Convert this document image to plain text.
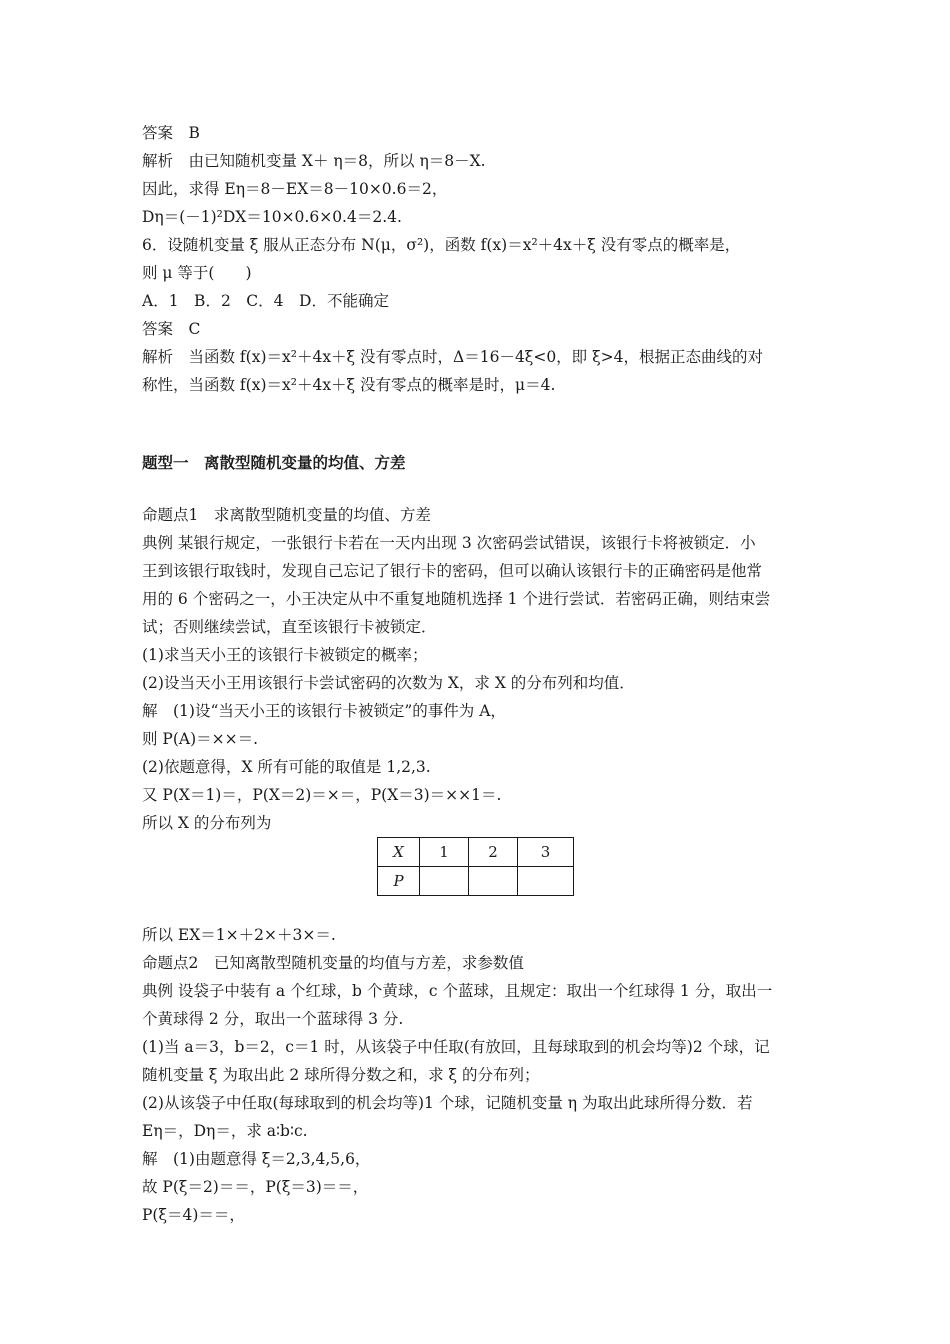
答案　B
解析　由已知随机变量 X＋ η＝8，所以 η＝8－X.
因此，求得 Eη＝8－EX＝8－10×0.6＝2，
Dη＝(－1)²DX＝10×0.6×0.4＝2.4.
6．设随机变量 ξ 服从正态分布 N(μ，σ²)，函数 f(x)＝x²＋4x＋ξ 没有零点的概率是，
则 μ 等于(　　)
A．1　B．2　C．4　D．不能确定
答案　C
解析　当函数 f(x)＝x²＋4x＋ξ 没有零点时，Δ＝16－4ξ<0，即 ξ>4，根据正态曲线的对
称性，当函数 f(x)＝x²＋4x＋ξ 没有零点的概率是时，μ＝4.
题型一　离散型随机变量的均值、方差
命题点1　求离散型随机变量的均值、方差
典例 某银行规定，一张银行卡若在一天内出现 3 次密码尝试错误，该银行卡将被锁定．小
王到该银行取钱时，发现自己忘记了银行卡的密码，但可以确认该银行卡的正确密码是他常
用的 6 个密码之一，小王决定从中不重复地随机选择 1 个进行尝试．若密码正确，则结束尝
试；否则继续尝试，直至该银行卡被锁定．
(1)求当天小王的该银行卡被锁定的概率；
(2)设当天小王用该银行卡尝试密码的次数为 X，求 X 的分布列和均值．
解　(1)设“当天小王的该银行卡被锁定”的事件为 A，
则 P(A)＝××＝.
(2)依题意得，X 所有可能的取值是 1,2,3.
又 P(X＝1)＝，P(X＝2)＝×＝，P(X＝3)＝××1＝.
所以 X 的分布列为
X	1	2	3
P			
所以 EX＝1×＋2×＋3×＝.
命题点2　已知离散型随机变量的均值与方差，求参数值
典例 设袋子中装有 a 个红球，b 个黄球，c 个蓝球，且规定：取出一个红球得 1 分，取出一
个黄球得 2 分，取出一个蓝球得 3 分.
(1)当 a＝3，b＝2，c＝1 时，从该袋子中任取(有放回，且每球取到的机会均等)2 个球，记
随机变量 ξ 为取出此 2 球所得分数之和，求 ξ 的分布列；
(2)从该袋子中任取(每球取到的机会均等)1 个球，记随机变量 η 为取出此球所得分数．若
Eη＝，Dη＝，求 a∶b∶c.
解　(1)由题意得 ξ＝2,3,4,5,6，
故 P(ξ＝2)＝＝，P(ξ＝3)＝＝，
P(ξ＝4)＝＝，
